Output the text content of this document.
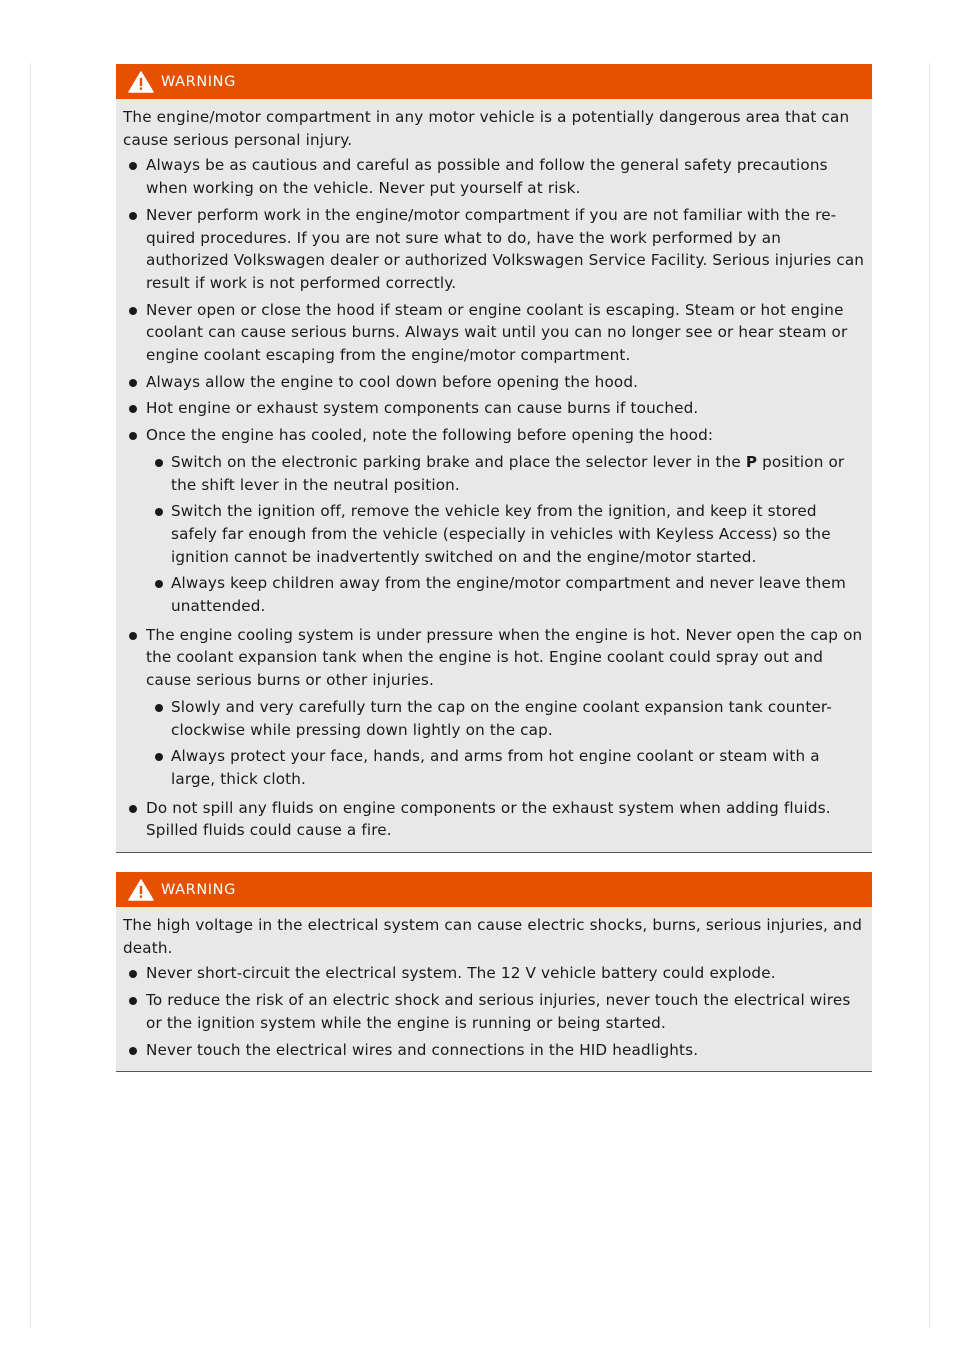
WARNING

The engine/motor compartment in any motor vehicle is a potentially dangerous area that can cause serious personal injury.

Always be as cautious and careful as possible and follow the general safety precautions when working on the vehicle. Never put yourself at risk.
Never perform work in the engine/motor compartment if you are not familiar with the re-quired procedures. If you are not sure what to do, have the work performed by an authorized Volkswagen dealer or authorized Volkswagen Service Facility. Serious injuries can result if work is not performed correctly.
Never open or close the hood if steam or engine coolant is escaping. Steam or hot engine coolant can cause serious burns. Always wait until you can no longer see or hear steam or engine coolant escaping from the engine/motor compartment.
Always allow the engine to cool down before opening the hood.
Hot engine or exhaust system components can cause burns if touched.
Once the engine has cooled, note the following before opening the hood:
Switch on the electronic parking brake and place the selector lever in the P position or the shift lever in the neutral position.
Switch the ignition off, remove the vehicle key from the ignition, and keep it stored safely far enough from the vehicle (especially in vehicles with Keyless Access) so the ignition cannot be inadvertently switched on and the engine/motor started.
Always keep children away from the engine/motor compartment and never leave them unattended.
The engine cooling system is under pressure when the engine is hot. Never open the cap on the coolant expansion tank when the engine is hot. Engine coolant could spray out and cause serious burns or other injuries.
Slowly and very carefully turn the cap on the engine coolant expansion tank counter-clockwise while pressing down lightly on the cap.
Always protect your face, hands, and arms from hot engine coolant or steam with a large, thick cloth.
Do not spill any fluids on engine components or the exhaust system when adding fluids. Spilled fluids could cause a fire.
WARNING

The high voltage in the electrical system can cause electric shocks, burns, serious injuries, and death.

Never short-circuit the electrical system. The 12 V vehicle battery could explode.
To reduce the risk of an electric shock and serious injuries, never touch the electrical wires or the ignition system while the engine is running or being started.
Never touch the electrical wires and connections in the HID headlights.
